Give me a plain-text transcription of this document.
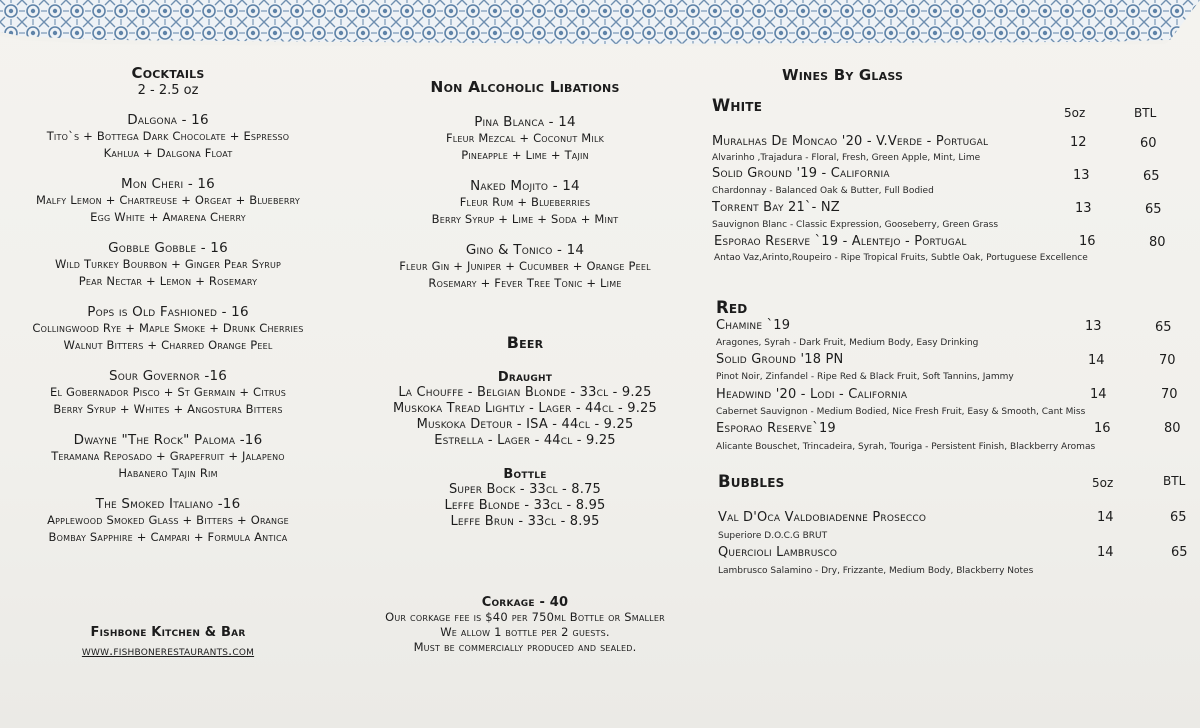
Cocktails
2 - 2.5 oz
Dalgona - 16
Tito`s + Bottega Dark Chocolate + Espresso
Kahlua + Dalgona Float
Mon Cheri - 16
Malfy Lemon + Chartreuse + Orgeat + Blueberry
Egg White + Amarena Cherry
Gobble Gobble - 16
Wild Turkey Bourbon + Ginger Pear Syrup
Pear Nectar + Lemon + Rosemary
Pops is Old Fashioned - 16
Collingwood Rye + Maple Smoke + Drunk Cherries
Walnut Bitters + Charred Orange Peel
Sour Governor -16
El Gobernador Pisco + St Germain + Citrus
Berry Syrup + Whites + Angostura Bitters
Dwayne "The Rock" Paloma -16
Teramana Reposado + Grapefruit + Jalapeno
Habanero Tajin Rim
The Smoked Italiano -16
Applewood Smoked Glass + Bitters + Orange
Bombay Sapphire + Campari + Formula Antica
Fishbone Kitchen & Bar
www.fishbonerestaurants.com
Non Alcoholic Libations
Pina Blanca - 14
Fleur Mezcal + Coconut Milk
Pineapple + Lime + Tajin
Naked Mojito - 14
Fleur Rum + Blueberries
Berry Syrup + Lime + Soda + Mint
Gino & Tonico - 14
Fleur Gin + Juniper + Cucumber + Orange Peel
Rosemary + Fever Tree Tonic + Lime
Beer
Draught
La Chouffe - Belgian Blonde - 33cl - 9.25
Muskoka Tread Lightly - Lager - 44cl - 9.25
Muskoka Detour - ISA - 44cl - 9.25
Estrella - Lager - 44cl - 9.25
Bottle
Super Bock - 33cl - 8.75
Leffe Blonde - 33cl - 8.95
Leffe Brun - 33cl - 8.95
Corkage - 40
Our corkage fee is $40 per 750ml Bottle or Smaller
We allow 1 bottle per 2 guests.
Must be commercially produced and sealed.
Wines By Glass
White	5oz	BTL
Muralhas De Moncao '20 - V.Verde - Portugal
Alvarinho ,Trajadura - Floral, Fresh, Green Apple, Mint, Lime
12	60
Solid Ground '19 - California
Chardonnay - Balanced Oak & Butter, Full Bodied
13	65
Torrent Bay 21`- NZ
Sauvignon Blanc - Classic Expression, Gooseberry, Green Grass
13	65
Esporao Reserve `19 - Alentejo - Portugal
Antao Vaz,Arinto,Roupeiro - Ripe Tropical Fruits, Subtle Oak, Portuguese Excellence
16	80
Red
Chamine `19
Aragones, Syrah - Dark Fruit, Medium Body, Easy Drinking
13	65
Solid Ground '18 PN
Pinot Noir, Zinfandel - Ripe Red & Black Fruit, Soft Tannins, Jammy
14	70
Headwind '20 - Lodi - California
Cabernet Sauvignon - Medium Bodied, Nice Fresh Fruit, Easy & Smooth, Cant Miss
14	70
Esporao Reserve`19
Alicante Bouschet, Trincadeira, Syrah, Touriga - Persistent Finish, Blackberry Aromas
16	80
Bubbles	5oz	BTL
Val D'Oca Valdobiadenne Prosecco
Superiore D.O.C.G BRUT
14	65
Quercioli Lambrusco
Lambrusco Salamino - Dry, Frizzante, Medium Body, Blackberry Notes
14	65
